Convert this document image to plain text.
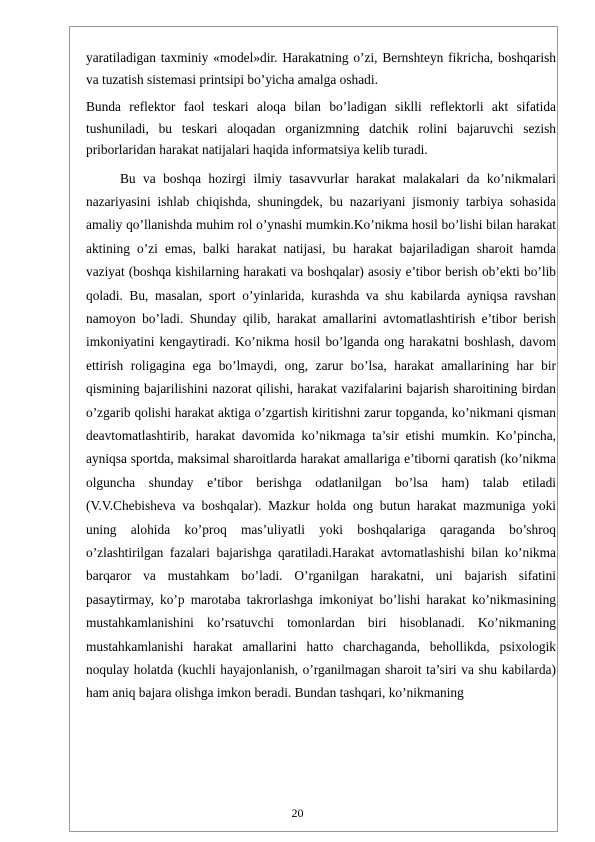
yaratiladigan taxminiy «model»dir. Harakatning o’zi, Bernshteyn fikricha, boshqarish va tuzatish sistemasi printsipi bo’yicha amalga oshadi.

Bunda reflektor faol teskari aloqa bilan bo’ladigan siklli reflektorli akt sifatida tushuniladi, bu teskari aloqadan organizmning datchik rolini bajaruvchi sezish priborlaridan harakat natijalari haqida informatsiya kelib turadi.

Bu va boshqa hozirgi ilmiy tasavvurlar harakat malakalari da ko’nikmalari nazariyasini ishlab chiqishda, shuningdek, bu nazariyani jismoniy tarbiya sohasida amaliy qo’llanishda muhim rol o’ynashi mumkin.Ko’nikma hosil bo’lishi bilan harakat aktining o’zi emas, balki harakat natijasi, bu harakat bajariladigan sharoit hamda vaziyat (boshqa kishilarning harakati va boshqalar) asosiy e’tibor berish ob’ekti bo’lib qoladi. Bu, masalan, sport o’yinlarida, kurashda va shu kabilarda ayniqsa ravshan namoyon bo’ladi. Shunday qilib, harakat amallarini avtomatlashtirish e’tibor berish imkoniyatini kengaytiradi. Ko’nikma hosil bo’lganda ong harakatni boshlash, davom ettirish roligagina ega bo’lmaydi, ong, zarur bo’lsa, harakat amallarining har bir qismining bajarilishini nazorat qilishi, harakat vazifalarini bajarish sharoitining birdan o’zgarib qolishi harakat aktiga o’zgartish kiritishni zarur topganda, ko’nikmani qisman deavtomatlashtirib, harakat davomida ko’nikmaga ta’sir etishi mumkin. Ko’pincha, ayniqsa sportda, maksimal sharoitlarda harakat amallariga e’tiborni qaratish (ko’nikma olguncha shunday e’tibor berishga odatlanilgan bo’lsa ham) talab etiladi (V.V.Chebisheva va boshqalar). Mazkur holda ong butun harakat mazmuniga yoki uning alohida ko’proq mas’uliyatli yoki boshqalariga qaraganda bo’shroq o’zlashtirilgan fazalari bajarishga qaratiladi.Harakat avtomatlashishi bilan ko’nikma barqaror va mustahkam bo’ladi. O’rganilgan harakatni, uni bajarish sifatini pasaytirmay, ko’p marotaba takrorlashga imkoniyat bo’lishi harakat ko’nikmasining mustahkamlanishini ko’rsatuvchi tomonlardan biri hisoblanadi. Ko’nikmaning mustahkamlanishi harakat amallarini hatto charchaganda, behollikda, psixologik noqulay holatda (kuchli hayajonlanish, o’rganilmagan sharoit ta’siri va shu kabilarda) ham aniq bajara olishga imkon beradi. Bundan tashqari, ko’nikmaning

20
